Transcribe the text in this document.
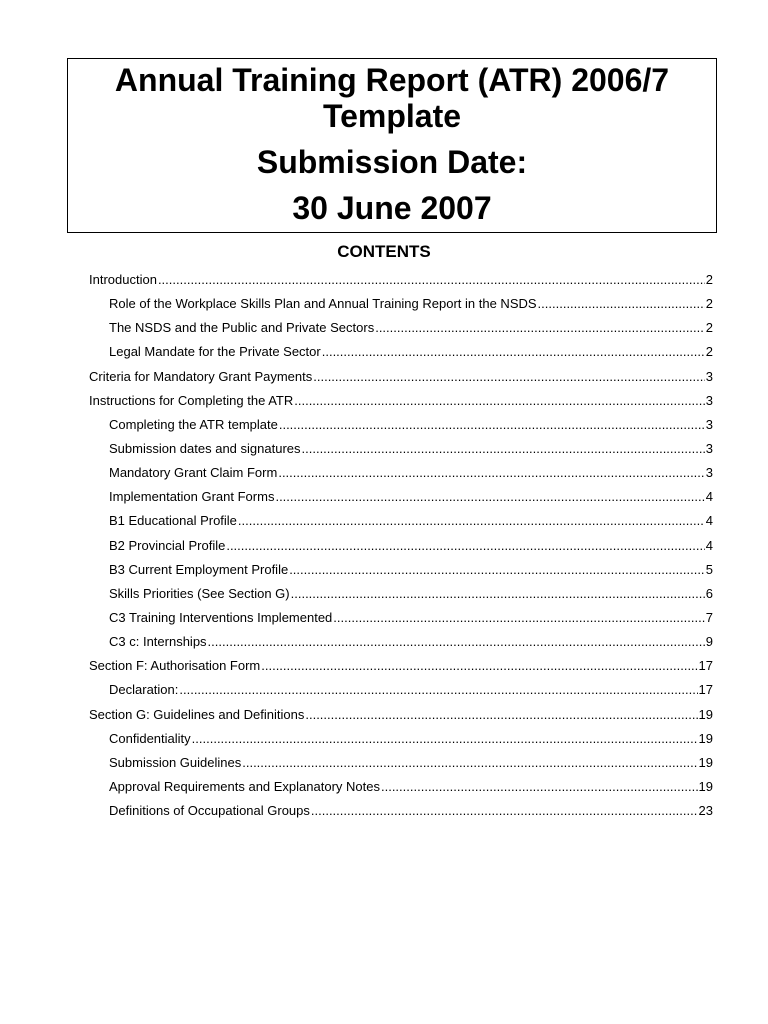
Annual Training Report (ATR) 2006/7
Template
Submission Date:
30 June 2007
CONTENTS
Introduction .....	2
Role of the Workplace Skills Plan and Annual Training Report in the NSDS .....	2
The NSDS and the Public and Private Sectors .....	2
Legal Mandate for the Private Sector .....	2
Criteria for Mandatory Grant Payments .....	3
Instructions for Completing the ATR .....	3
Completing the ATR template .....	3
Submission dates and signatures .....	3
Mandatory Grant Claim Form .....	3
Implementation Grant Forms .....	4
B1 Educational Profile .....	4
B2 Provincial Profile .....	4
B3 Current Employment Profile .....	5
Skills Priorities (See Section G) .....	6
C3 Training Interventions Implemented .....	7
C3 c: Internships .....	9
Section F: Authorisation Form .....	17
Declaration: .....	17
Section G: Guidelines and Definitions .....	19
Confidentiality .....	19
Submission Guidelines .....	19
Approval Requirements and Explanatory Notes .....	19
Definitions of Occupational Groups .....	23
